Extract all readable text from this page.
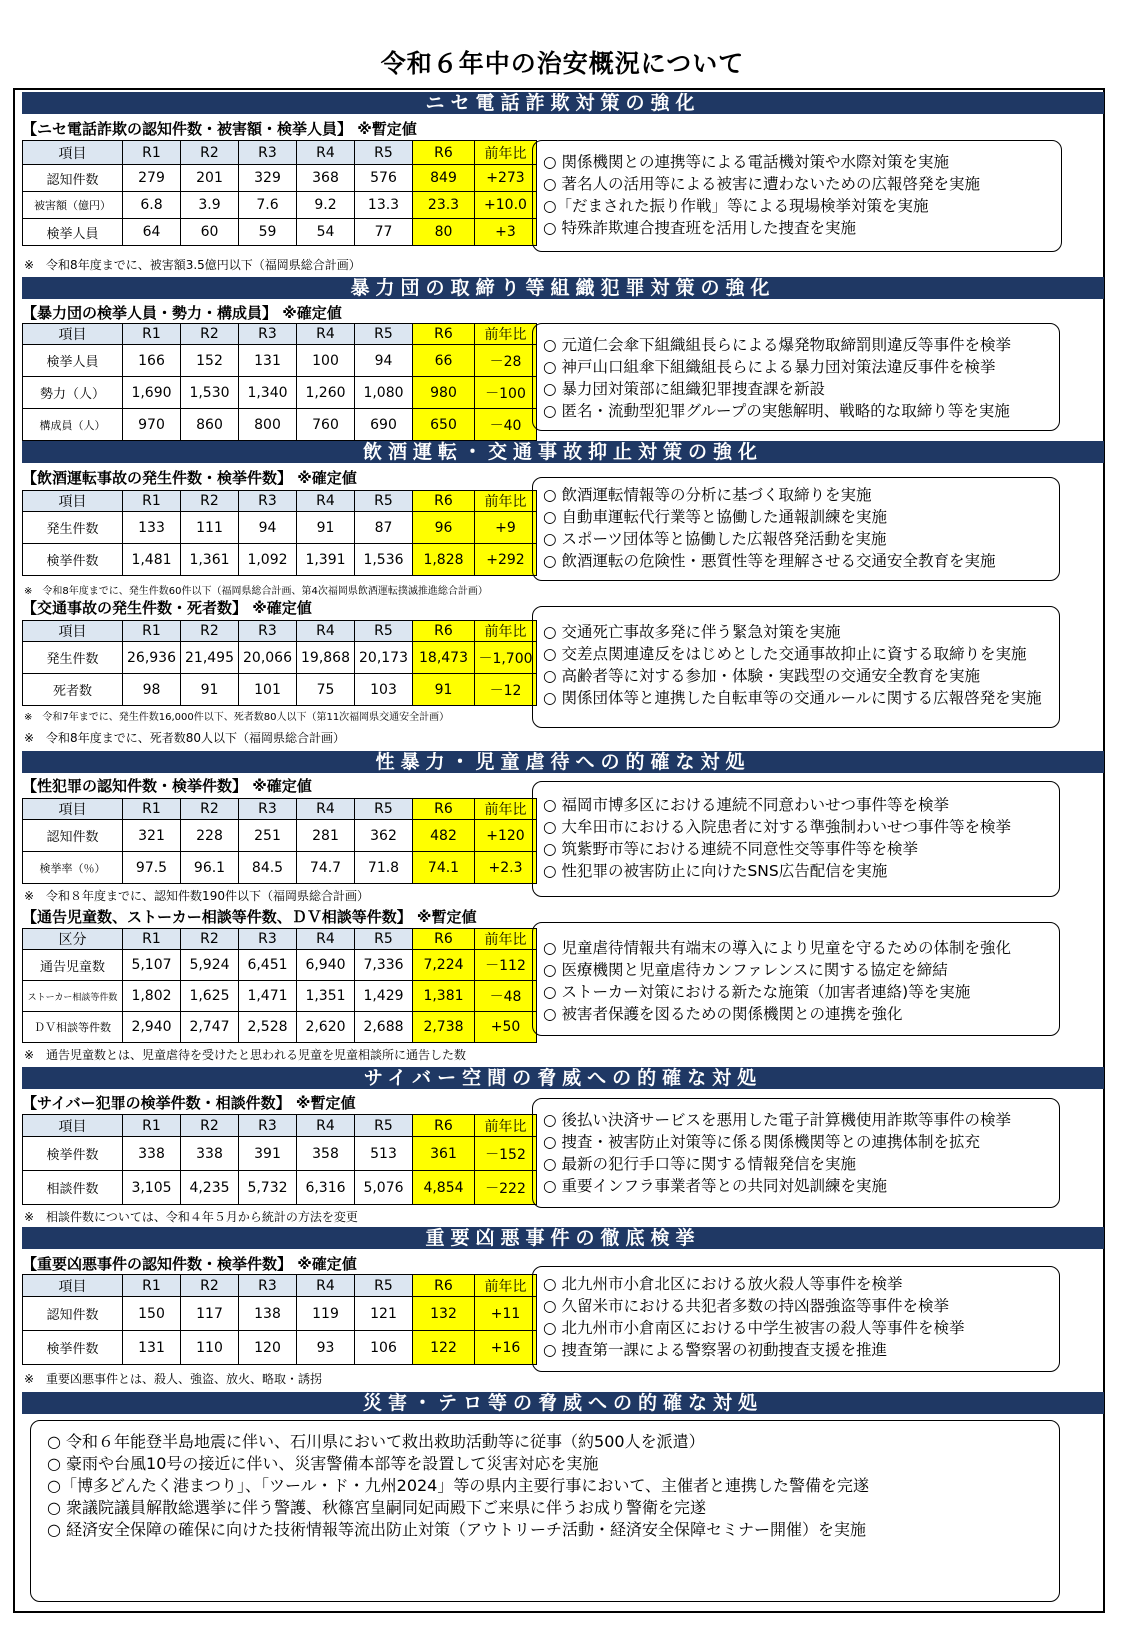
令和６年中の治安概況について
ニセ電話詐欺対策の強化
【ニセ電話詐欺の認知件数・被害額・検挙人員】 ※暫定値
項目	R1	R2	R3	R4	R5	R6	前年比
認知件数	279	201	329	368	576	849	+273
被害額（億円）	6.8	3.9	7.6	9.2	13.3	23.3	+10.0
検挙人員	64	60	59	54	77	80	+3
※　令和8年度までに、被害額3.5億円以下（福岡県総合計画）
○ 関係機関との連携等による電話機対策や水際対策を実施
○ 著名人の活用等による被害に遭わないための広報啓発を実施
○「だまされた振り作戦」等による現場検挙対策を実施
○ 特殊詐欺連合捜査班を活用した捜査を実施
暴力団の取締り等組織犯罪対策の強化
【暴力団の検挙人員・勢力・構成員】 ※確定値
項目	R1	R2	R3	R4	R5	R6	前年比
検挙人員	166	152	131	100	94	66	－28
勢力（人）	1,690	1,530	1,340	1,260	1,080	980	－100
構成員（人）	970	860	800	760	690	650	－40
○ 元道仁会傘下組織組長らによる爆発物取締罰則違反等事件を検挙
○ 神戸山口組傘下組織組長らによる暴力団対策法違反事件を検挙
○ 暴力団対策部に組織犯罪捜査課を新設
○ 匿名・流動型犯罪グループの実態解明、戦略的な取締り等を実施
飲酒運転・交通事故抑止対策の強化
【飲酒運転事故の発生件数・検挙件数】 ※確定値
項目	R1	R2	R3	R4	R5	R6	前年比
発生件数	133	111	94	91	87	96	+9
検挙件数	1,481	1,361	1,092	1,391	1,536	1,828	+292
※　令和8年度までに、発生件数60件以下（福岡県総合計画、第4次福岡県飲酒運転撲滅推進総合計画）
○ 飲酒運転情報等の分析に基づく取締りを実施
○ 自動車運転代行業等と協働した通報訓練を実施
○ スポーツ団体等と協働した広報啓発活動を実施
○ 飲酒運転の危険性・悪質性等を理解させる交通安全教育を実施
【交通事故の発生件数・死者数】 ※確定値
項目	R1	R2	R3	R4	R5	R6	前年比
発生件数	26,936	21,495	20,066	19,868	20,173	18,473	－1,700
死者数	98	91	101	75	103	91	－12
※　令和7年までに、発生件数16,000件以下、死者数80人以下（第11次福岡県交通安全計画）
※　令和8年度までに、死者数80人以下（福岡県総合計画）
○ 交通死亡事故多発に伴う緊急対策を実施
○ 交差点関連違反をはじめとした交通事故抑止に資する取締りを実施
○ 高齢者等に対する参加・体験・実践型の交通安全教育を実施
○ 関係団体等と連携した自転車等の交通ルールに関する広報啓発を実施
性暴力・児童虐待への的確な対処
【性犯罪の認知件数・検挙件数】 ※確定値
項目	R1	R2	R3	R4	R5	R6	前年比
認知件数	321	228	251	281	362	482	+120
検挙率（％）	97.5	96.1	84.5	74.7	71.8	74.1	+2.3
※　令和８年度までに、認知件数190件以下（福岡県総合計画）
○ 福岡市博多区における連続不同意わいせつ事件等を検挙
○ 大牟田市における入院患者に対する準強制わいせつ事件等を検挙
○ 筑紫野市等における連続不同意性交等事件等を検挙
○ 性犯罪の被害防止に向けたSNS広告配信を実施
【通告児童数、ストーカー相談等件数、ＤＶ相談等件数】 ※暫定値
区分	R1	R2	R3	R4	R5	R6	前年比
通告児童数	5,107	5,924	6,451	6,940	7,336	7,224	－112
ストーカー相談等件数	1,802	1,625	1,471	1,351	1,429	1,381	－48
ＤＶ相談等件数	2,940	2,747	2,528	2,620	2,688	2,738	+50
※　通告児童数とは、児童虐待を受けたと思われる児童を児童相談所に通告した数
○ 児童虐待情報共有端末の導入により児童を守るための体制を強化
○ 医療機関と児童虐待カンファレンスに関する協定を締結
○ ストーカー対策における新たな施策（加害者連絡)等を実施
○ 被害者保護を図るための関係機関との連携を強化
サイバー空間の脅威への的確な対処
【サイバー犯罪の検挙件数・相談件数】 ※暫定値
項目	R1	R2	R3	R4	R5	R6	前年比
検挙件数	338	338	391	358	513	361	－152
相談件数	3,105	4,235	5,732	6,316	5,076	4,854	－222
※　相談件数については、令和４年５月から統計の方法を変更
○ 後払い決済サービスを悪用した電子計算機使用詐欺等事件の検挙
○ 捜査・被害防止対策等に係る関係機関等との連携体制を拡充
○ 最新の犯行手口等に関する情報発信を実施
○ 重要インフラ事業者等との共同対処訓練を実施
重要凶悪事件の徹底検挙
【重要凶悪事件の認知件数・検挙件数】 ※確定値
項目	R1	R2	R3	R4	R5	R6	前年比
認知件数	150	117	138	119	121	132	+11
検挙件数	131	110	120	93	106	122	+16
※　重要凶悪事件とは、殺人、強盗、放火、略取・誘拐
○ 北九州市小倉北区における放火殺人等事件を検挙
○ 久留米市における共犯者多数の持凶器強盗等事件を検挙
○ 北九州市小倉南区における中学生被害の殺人等事件を検挙
○ 捜査第一課による警察署の初動捜査支援を推進
災害・テロ等の脅威への的確な対処
○ 令和６年能登半島地震に伴い、石川県において救出救助活動等に従事（約500人を派遣）
○ 豪雨や台風10号の接近に伴い、災害警備本部等を設置して災害対応を実施
○「博多どんたく港まつり」、「ツール・ド・九州2024」等の県内主要行事において、主催者と連携した警備を完遂
○ 衆議院議員解散総選挙に伴う警護、秋篠宮皇嗣同妃両殿下ご来県に伴うお成り警衛を完遂
○ 経済安全保障の確保に向けた技術情報等流出防止対策（アウトリーチ活動・経済安全保障セミナー開催）を実施
